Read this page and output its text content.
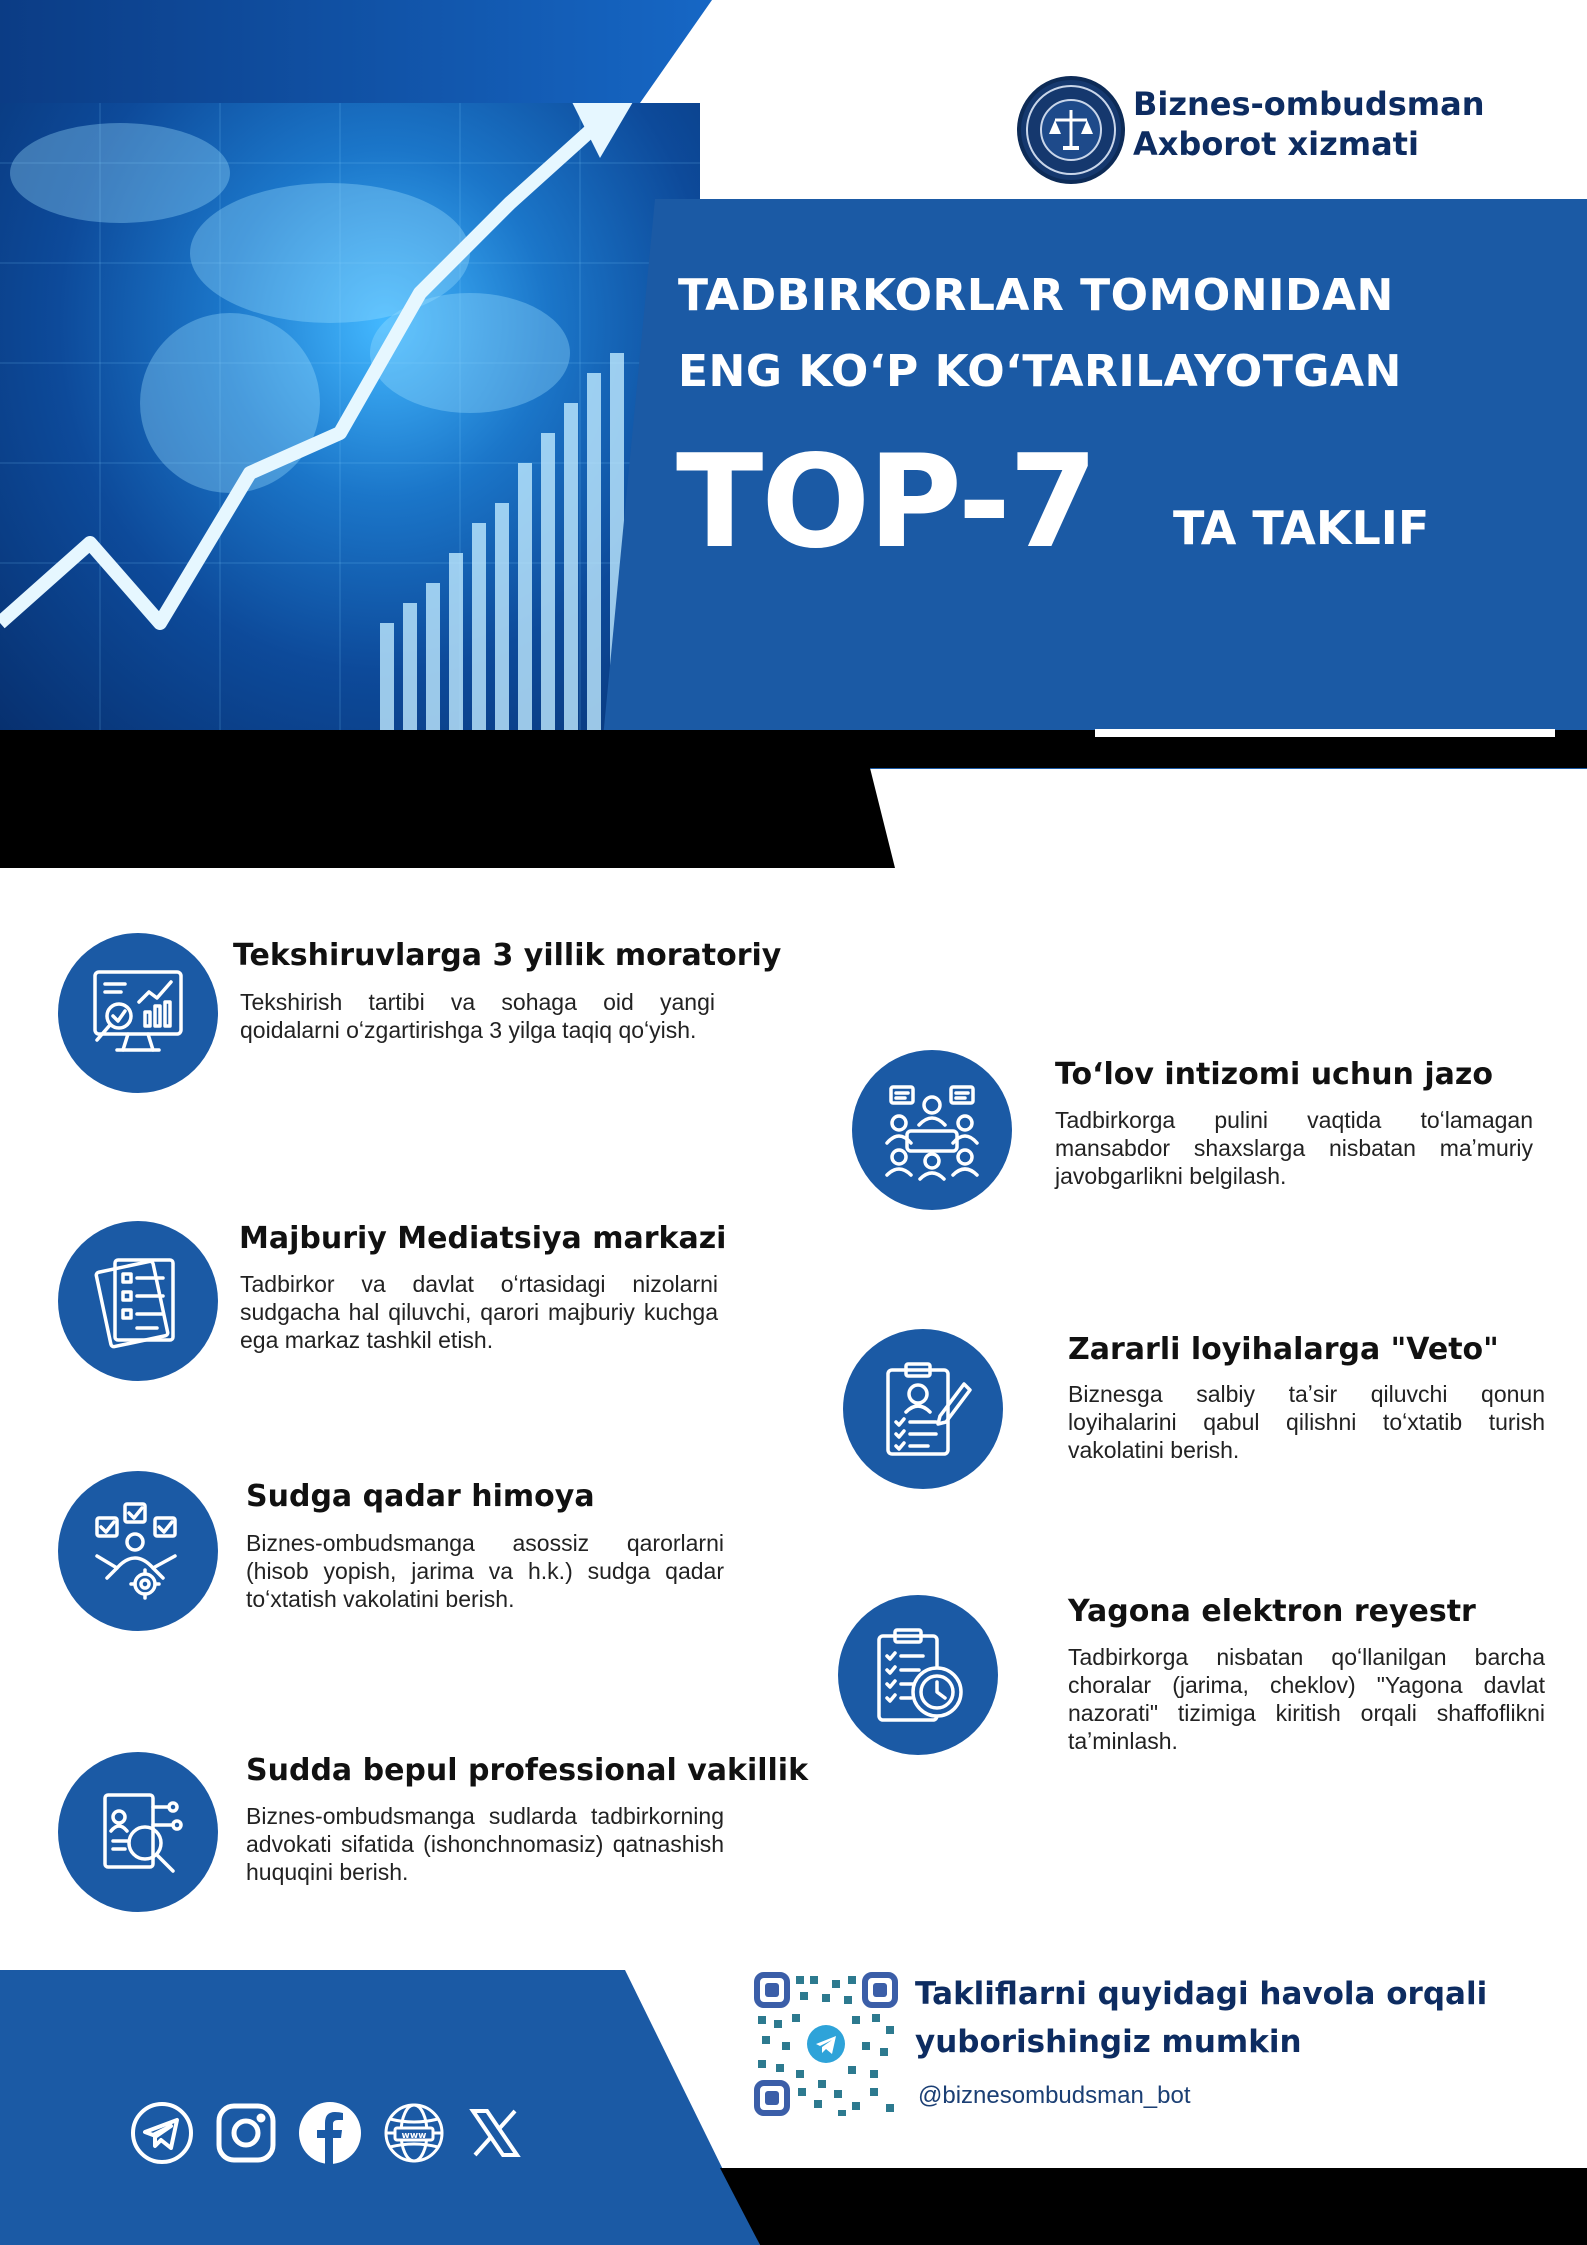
Biznes-ombudsman
Axborot xizmati
TADBIRKORLAR TOMONIDAN
ENG KO‘P KO‘TARILAYOTGAN
TOP-7 TA TAKLIF
Tekshiruvlarga 3 yillik moratoriy
Tekshirish tartibi va sohaga oid yangi qoidalarni oʻzgartirishga 3 yilga taqiq qoʻyish.
Toʻlov intizomi uchun jazo
Tadbirkorga pulini vaqtida toʻlamagan mansabdor shaxslarga nisbatan maʼmuriy javobgarlikni belgilash.
Majburiy Mediatsiya markazi
Tadbirkor va davlat oʻrtasidagi nizolarni sudgacha hal qiluvchi, qarori majburiy kuchga ega markaz tashkil etish.	Zararli loyihalarga "Veto"
Biznesga salbiy taʼsir qiluvchi qonun loyihalarini qabul qilishni toʻxtatib turish vakolatini berish.
Sudga qadar himoya
Biznes-ombudsmanga asossiz qarorlarni (hisob yopish, jarima va h.k.) sudga qadar toʻxtatish vakolatini berish.	Yagona elektron reyestr
Tadbirkorga nisbatan qoʻllanilgan barcha choralar (jarima, cheklov) "Yagona davlat nazorati" tizimiga kiritish orqali shaffoflikni taʼminlash.
Sudda bepul professional vakillik
Biznes-ombudsmanga sudlarda tadbirkorning advokati sifatida (ishonchnomasiz) qatnashish huquqini berish.
www
Takliflarni quyidagi havola orqali
yuborishingiz mumkin
@biznesombudsman_bot
